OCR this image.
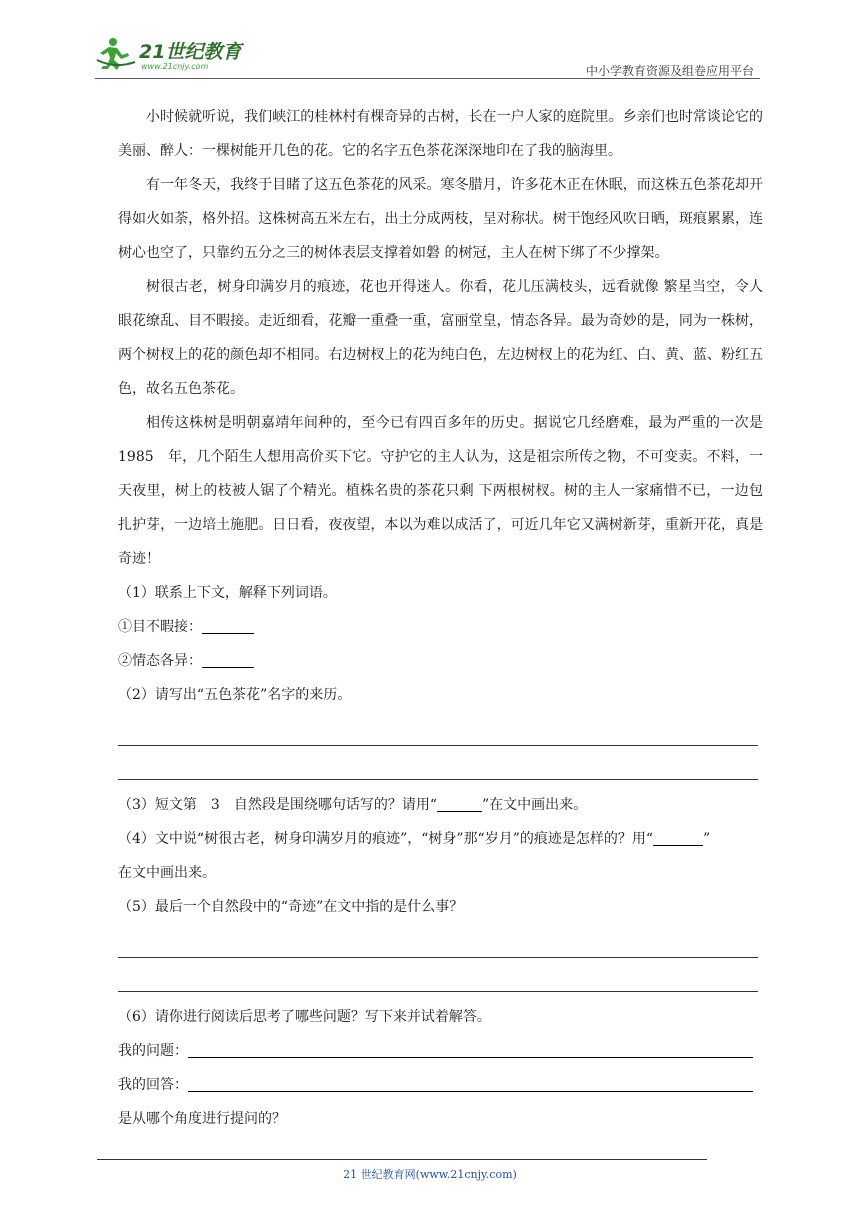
21世纪教育
www.21cnjy.com	中小学教育资源及组卷应用平台

小时候就听说，我们峡江的桂林村有棵奇异的古树，长在一户人家的庭院里。乡亲们也时常谈论它的美丽、醉人：一棵树能开几色的花。它的名字五色茶花深深地印在了我的脑海里。

有一年冬天，我终于目睹了这五色茶花的风采。寒冬腊月，许多花木正在休眠，而这株五色茶花却开得如火如荼，格外招。这株树高五米左右，出土分成两枝，呈对称状。树干饱经风吹日晒，斑痕累累，连树心也空了，只靠约五分之三的树体表层支撑着如磐 的树冠，主人在树下绑了不少撑架。

树很古老，树身印满岁月的痕迹，花也开得迷人。你看，花儿压满枝头，远看就像 繁星当空，令人眼花缭乱、目不暇接。走近细看，花瓣一重叠一重，富丽堂皇，情态各异。最为奇妙的是，同为一株树，两个树杈上的花的颜色却不相同。右边树杈上的花为纯白色，左边树杈上的花为红、白、黄、蓝、粉红五色，故名五色茶花。

相传这株树是明朝嘉靖年间种的，至今已有四百多年的历史。据说它几经磨难，最为严重的一次是　1985　年，几个陌生人想用高价买下它。守护它的主人认为，这是祖宗所传之物，不可变卖。不料，一天夜里，树上的枝被人锯了个精光。植株名贵的茶花只剩 下两根树杈。树的主人一家痛惜不已，一边包扎护芽，一边培土施肥。日日看，夜夜望，本以为难以成活了，可近几年它又满树新芽，重新开花，真是奇迹！

（1）联系上下文，解释下列词语。

①目不暇接：

②情态各异：

（2）请写出“五色茶花”名字的来历。

（3）短文第　3　自然段是围绕哪句话写的？请用“	”在文中画出来。

（4）文中说“树很古老，树身印满岁月的痕迹”，“树身”那“岁月”的痕迹是怎样的？用“	”

在文中画出来。

（5）最后一个自然段中的“奇迹”在文中指的是什么事？

（6）请你进行阅读后思考了哪些问题？写下来并试着解答。

我的问题：

我的回答：

是从哪个角度进行提问的？

21 世纪教育网(www.21cnjy.com)
